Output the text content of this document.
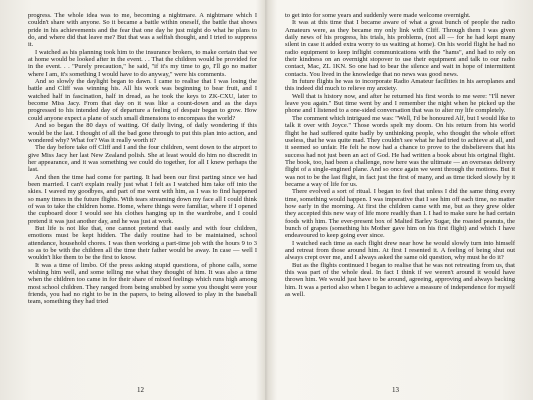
progress. The whole idea was to me, becoming a nightmare. A nightmare which I couldn't share with anyone. So it became a battle within oneself, the battle that shows pride in his achievements and the fear that one day he just might do what he plans to do, and where did that leave me? But that was a selfish thought, and I tried to suppress it.

I watched as his planning took him to the insurance brokers, to make certain that we at home would be looked after in the event. . . That the children would be provided for in the event. . . "Purely precaution," he said, "if it's my time to go, I'll go no matter where I am, it's something I would have to do anyway," were his comments.

And so slowly the daylight began to dawn. I came to realise that I was losing the battle and Cliff was winning his. All his work was beginning to bear fruit, and I watched half in fascination, half in dread, as he took the keys to ZK-CXU, later to become Miss Jacy. From that day on it was like a count-down and as the days progressed to his intended day of departure a feeling of despair began to grow. How could anyone expect a plane of such small dimensions to encompass the world?

And so began the 80 days of waiting. Of daily living, of daily wondering if this would be the last. I thought of all the bad gone through to put this plan into action, and wondered why? What for? Was it really worth it?

The day before take off Cliff and I and the four children, went down to the airport to give Miss Jacy her last New Zealand polish. She at least would do him no discredit in her appearance, and it was something we could do together, for all I knew perhaps the last.

And then the time had come for parting. It had been our first parting since we had been married. I can't explain really just what I felt as I watched him take off into the skies. I waved my goodbyes, and part of me went with him, as I was to find happened so many times in the future flights. With tears streaming down my face all I could think of was to take the children home. Home, where things were familiar, where if I opened the cupboard door I would see his clothes hanging up in the wardrobe, and I could pretend it was just another day, and he was just at work.

But life is not like that, one cannot pretend that easily and with four children, emotions must be kept hidden. The daily routine had to be maintained, school attendance, household chores. I was then working a part-time job with the hours 9 to 3 so as to be with the children all the time their father would be away. In case — well I wouldn't like them to be the first to know.

It was a time of limbo. Of the press asking stupid questions, of phone calls, some wishing him well, and some telling me what they thought of him. It was also a time when the children too came in for their share of mixed feelings which runs high among most school children. They ranged from being snubbed by some you thought were your friends, you had no right to be in the papers, to being allowed to play in the baseball team, something they had tried

12

to get into for some years and suddenly were made welcome overnight.

It was at this time that I became aware of what a great bunch of people the radio Amateurs were, as they became my only link with Cliff. Through them I was given daily news of his progress, his trials, his problems, (not all — for he had kept many silent in case it added extra worry to us waiting at home). On his world flight he had no radio equipment to keep inflight communications with the "hams", and had to rely on their kindness on an overnight stopover to use their equipment and talk to our radio contact, Mac, ZL 1KN. So one had to bear the silence and wait in hope of intermittent contacts. You lived in the knowledge that no news was good news.

In future flights he was to incorporate Radio Amateur facilities in his aeroplanes and this indeed did much to relieve my anxiety.

Well that is history now, and after he returned his first words to me were: "I'll never leave you again." But time went by and I remember the night when he picked up the phone and I listened to a one-sided conversation that was to alter my life completely.

The comment which intrigued me was: "Well, I'd be honoured Alf, but I would like to talk it over with Joyce." Those words spelt my doom. On his return from his world flight he had suffered quite badly by unthinking people, who thought the whole effort useless, that he was quite mad. They couldn't see what he had tried to achieve at all, and it seemed so unfair. He felt he now had a chance to prove to the disbelievers that his success had not just been an act of God. He had written a book about his original flight. The book, too, had been a challenge, now here was the ultimate — an overseas delivery flight of a single-engined plane. And so once again we went through the motions. But it was not to be the last flight, in fact just the first of many, and as time ticked slowly by it became a way of life for us.

There evolved a sort of ritual. I began to feel that unless I did the same thing every time, something would happen. I was imperative that I see him off each time, no matter how early in the morning. At first the children came with me, but as they grew older they accepted this new way of life more readily than I. I had to make sure he had certain foods with him. The ever-present box of Malted Barley Sugar, the roasted peanuts, the bunch of grapes (something his Mother gave him on his first flight) and which I have endeavoured to keep going ever since.

I watched each time as each flight drew near how he would slowly turn into himself and retreat from those around him. At first I resented it. A feeling of being shut out always crept over me, and I always asked the same old question, why must he do it?

But as the flights continued I began to realise that he was not retreating from us, that this was part of the whole deal. In fact I think if we weren't around it would have thrown him. We would just have to be around, agreeing, approving and always backing him. It was a period also when I began to achieve a measure of independence for myself as well.

13
